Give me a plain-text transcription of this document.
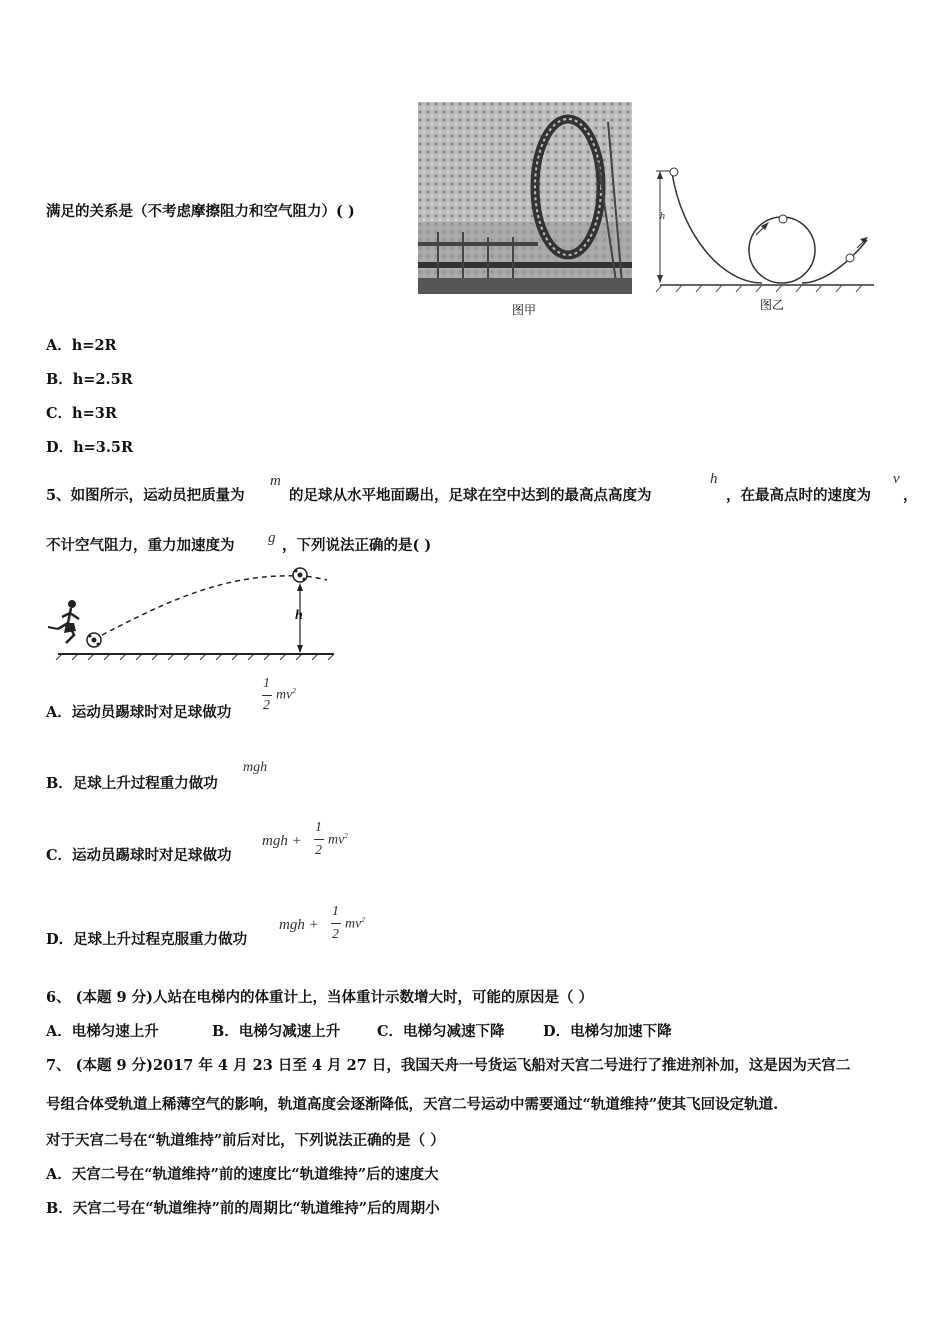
满足的关系是（不考虑摩擦阻力和空气阻力）( )
图甲
h
图乙
A．h=2R
B．h=2.5R
C．h=3R
D．h=3.5R
5、如图所示，运动员把质量为
m
的足球从水平地面踢出，足球在空中达到的最高点高度为
h
，在最高点时的速度为
v
，
不计空气阻力，重力加速度为 g ，下列说法正确的是( )
h
A．运动员踢球时对足球做功
1
2
$mv^2$
B．足球上升过程重力做功
mgh
C．运动员踢球时对足球做功
mgh +
1
2
$mv^2$
D．足球上升过程克服重力做功
mgh +
1
2
$mv^2$
6、 (本题 9 分)人站在电梯内的体重计上，当体重计示数增大时，可能的原因是（ ）
A．电梯匀速上升	B．电梯匀减速上升	C．电梯匀减速下降	D．电梯匀加速下降
7、 (本题 9 分)2017 年 4 月 23 日至 4 月 27 日，我国天舟一号货运飞船对天宫二号进行了推进剂补加，这是因为天宫二
号组合体受轨道上稀薄空气的影响，轨道高度会逐渐降低，天宫二号运动中需要通过“轨道维持”使其飞回设定轨道.
对于天宫二号在“轨道维持”前后对比，下列说法正确的是（ ）
A．天宫二号在“轨道维持”前的速度比“轨道维持”后的速度大
B．天宫二号在“轨道维持”前的周期比“轨道维持”后的周期小
